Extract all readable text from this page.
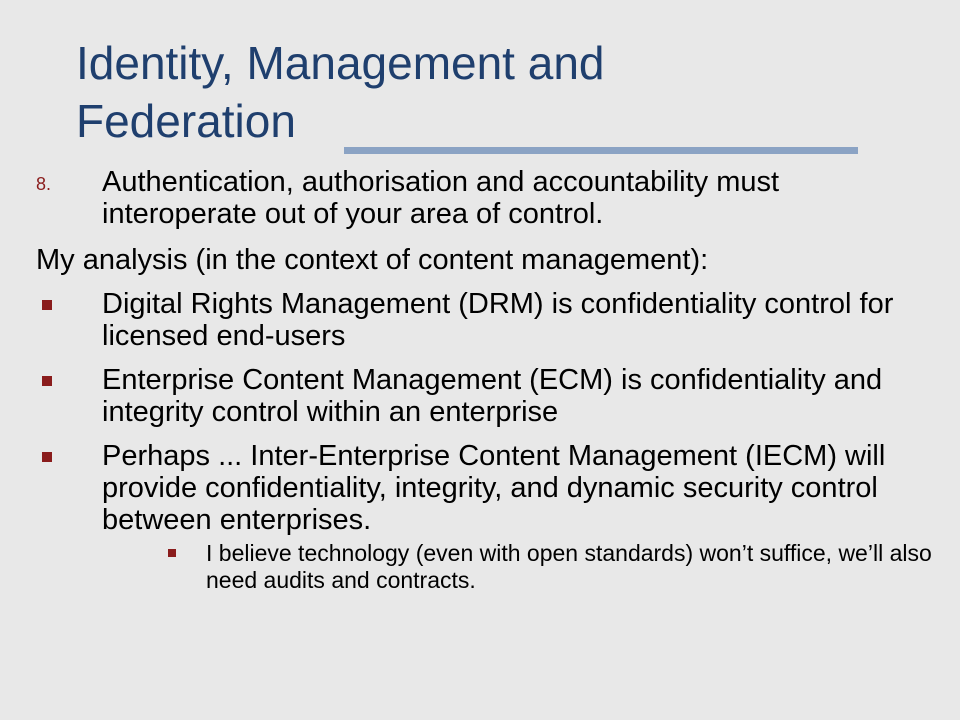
Identity, Management and
Federation
8. Authentication, authorisation and accountability must interoperate out of your area of control.
My analysis (in the context of content management):
Digital Rights Management (DRM) is confidentiality control for licensed end-users
Enterprise Content Management (ECM) is confidentiality and integrity control within an enterprise
Perhaps ... Inter-Enterprise Content Management (IECM) will provide confidentiality, integrity, and dynamic security control between enterprises.
I believe technology (even with open standards) won’t suffice, we’ll also need audits and contracts.
